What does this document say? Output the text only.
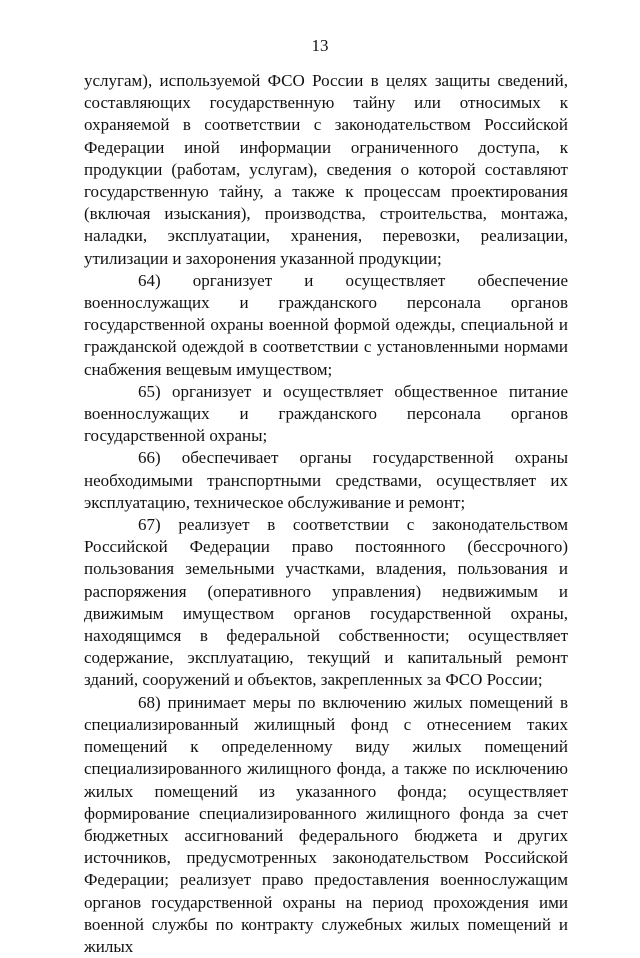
13

услугам), используемой ФСО России в целях защиты сведений, составляющих государственную тайну или относимых к охраняемой в соответствии с законодательством Российской Федерации иной информации ограниченного доступа, к продукции (работам, услугам), сведения о которой составляют государственную тайну, а также к процессам проектирования (включая изыскания), производства, строительства, монтажа, наладки, эксплуатации, хранения, перевозки, реализации, утилизации и захоронения указанной продукции;

64) организует и осуществляет обеспечение военнослужащих и гражданского персонала органов государственной охраны военной формой одежды, специальной и гражданской одеждой в соответствии с установленными нормами снабжения вещевым имуществом;

65) организует и осуществляет общественное питание военнослужащих и гражданского персонала органов государственной охраны;

66) обеспечивает органы государственной охраны необходимыми транспортными средствами, осуществляет их эксплуатацию, техническое обслуживание и ремонт;

67) реализует в соответствии с законодательством Российской Федерации право постоянного (бессрочного) пользования земельными участками, владения, пользования и распоряжения (оперативного управления) недвижимым и движимым имуществом органов государственной охраны, находящимся в федеральной собственности; осуществляет содержание, эксплуатацию, текущий и капитальный ремонт зданий, сооружений и объектов, закрепленных за ФСО России;

68) принимает меры по включению жилых помещений в специализированный жилищный фонд с отнесением таких помещений к определенному виду жилых помещений специализированного жилищного фонда, а также по исключению жилых помещений из указанного фонда; осуществляет формирование специализированного жилищного фонда за счет бюджетных ассигнований федерального бюджета и других источников, предусмотренных законодательством Российской Федерации; реализует право предоставления военнослужащим органов государственной охраны на период прохождения ими военной службы по контракту служебных жилых помещений и жилых
